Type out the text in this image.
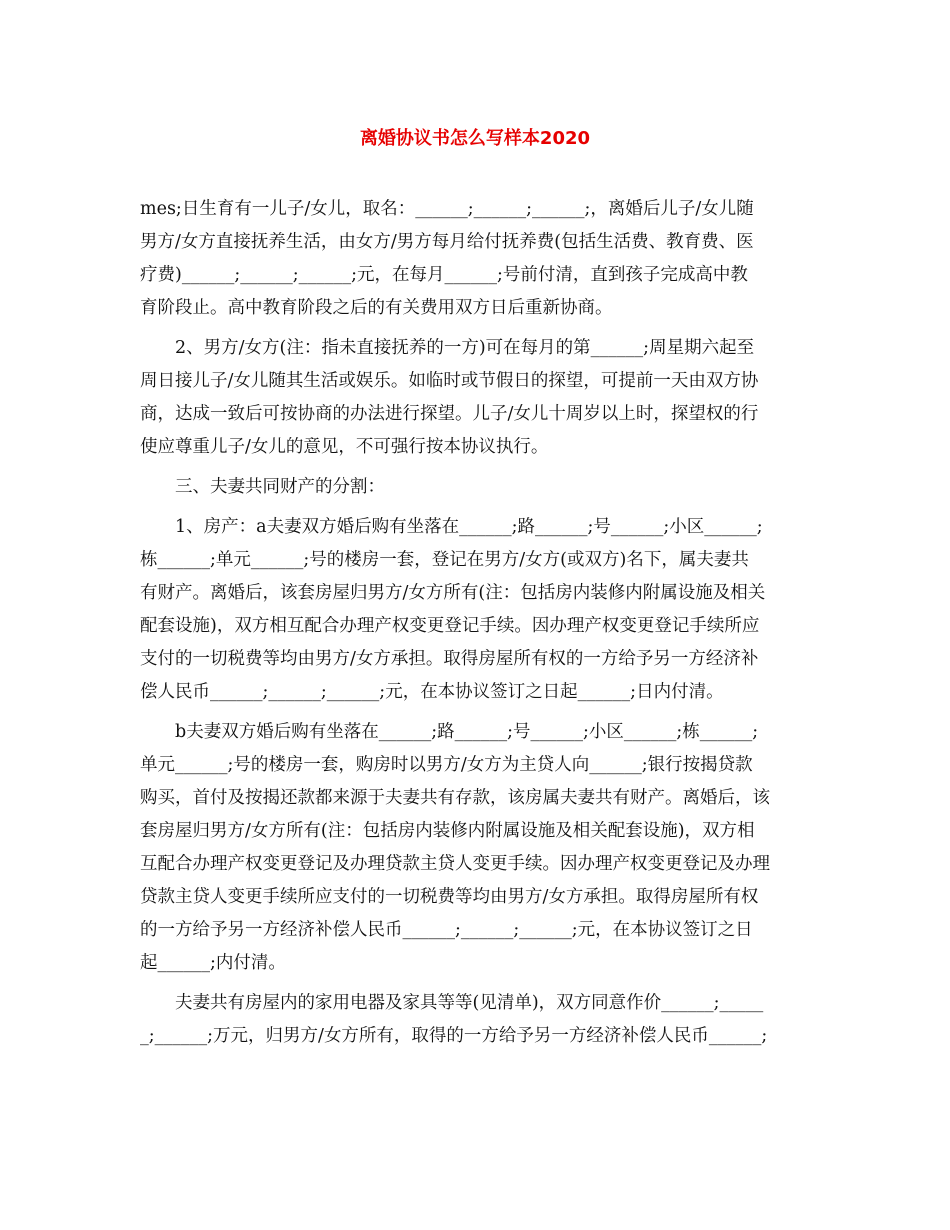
离婚协议书怎么写样本2020

mes;日生育有一儿子/女儿，取名：______;______;______;，离婚后儿子/女儿随
男方/女方直接抚养生活，由女方/男方每月给付抚养费(包括生活费、教育费、医
疗费)______;______;______;元，在每月______;号前付清，直到孩子完成高中教
育阶段止。高中教育阶段之后的有关费用双方日后重新协商。

2、男方/女方(注：指未直接抚养的一方)可在每月的第______;周星期六起至
周日接儿子/女儿随其生活或娱乐。如临时或节假日的探望，可提前一天由双方协
商，达成一致后可按协商的办法进行探望。儿子/女儿十周岁以上时，探望权的行
使应尊重儿子/女儿的意见，不可强行按本协议执行。

三、夫妻共同财产的分割：

1、房产：a夫妻双方婚后购有坐落在______;路______;号______;小区______;
栋______;单元______;号的楼房一套，登记在男方/女方(或双方)名下，属夫妻共
有财产。离婚后，该套房屋归男方/女方所有(注：包括房内装修内附属设施及相关
配套设施)，双方相互配合办理产权变更登记手续。因办理产权变更登记手续所应
支付的一切税费等均由男方/女方承担。取得房屋所有权的一方给予另一方经济补
偿人民币______;______;______;元，在本协议签订之日起______;日内付清。

b夫妻双方婚后购有坐落在______;路______;号______;小区______;栋______;
单元______;号的楼房一套，购房时以男方/女方为主贷人向______;银行按揭贷款
购买，首付及按揭还款都来源于夫妻共有存款，该房属夫妻共有财产。离婚后，该
套房屋归男方/女方所有(注：包括房内装修内附属设施及相关配套设施)，双方相
互配合办理产权变更登记及办理贷款主贷人变更手续。因办理产权变更登记及办理
贷款主贷人变更手续所应支付的一切税费等均由男方/女方承担。取得房屋所有权
的一方给予另一方经济补偿人民币______;______;______;元，在本协议签订之日
起______;内付清。

夫妻共有房屋内的家用电器及家具等等(见清单)，双方同意作价______;_____
_;______;万元，归男方/女方所有，取得的一方给予另一方经济补偿人民币______;
